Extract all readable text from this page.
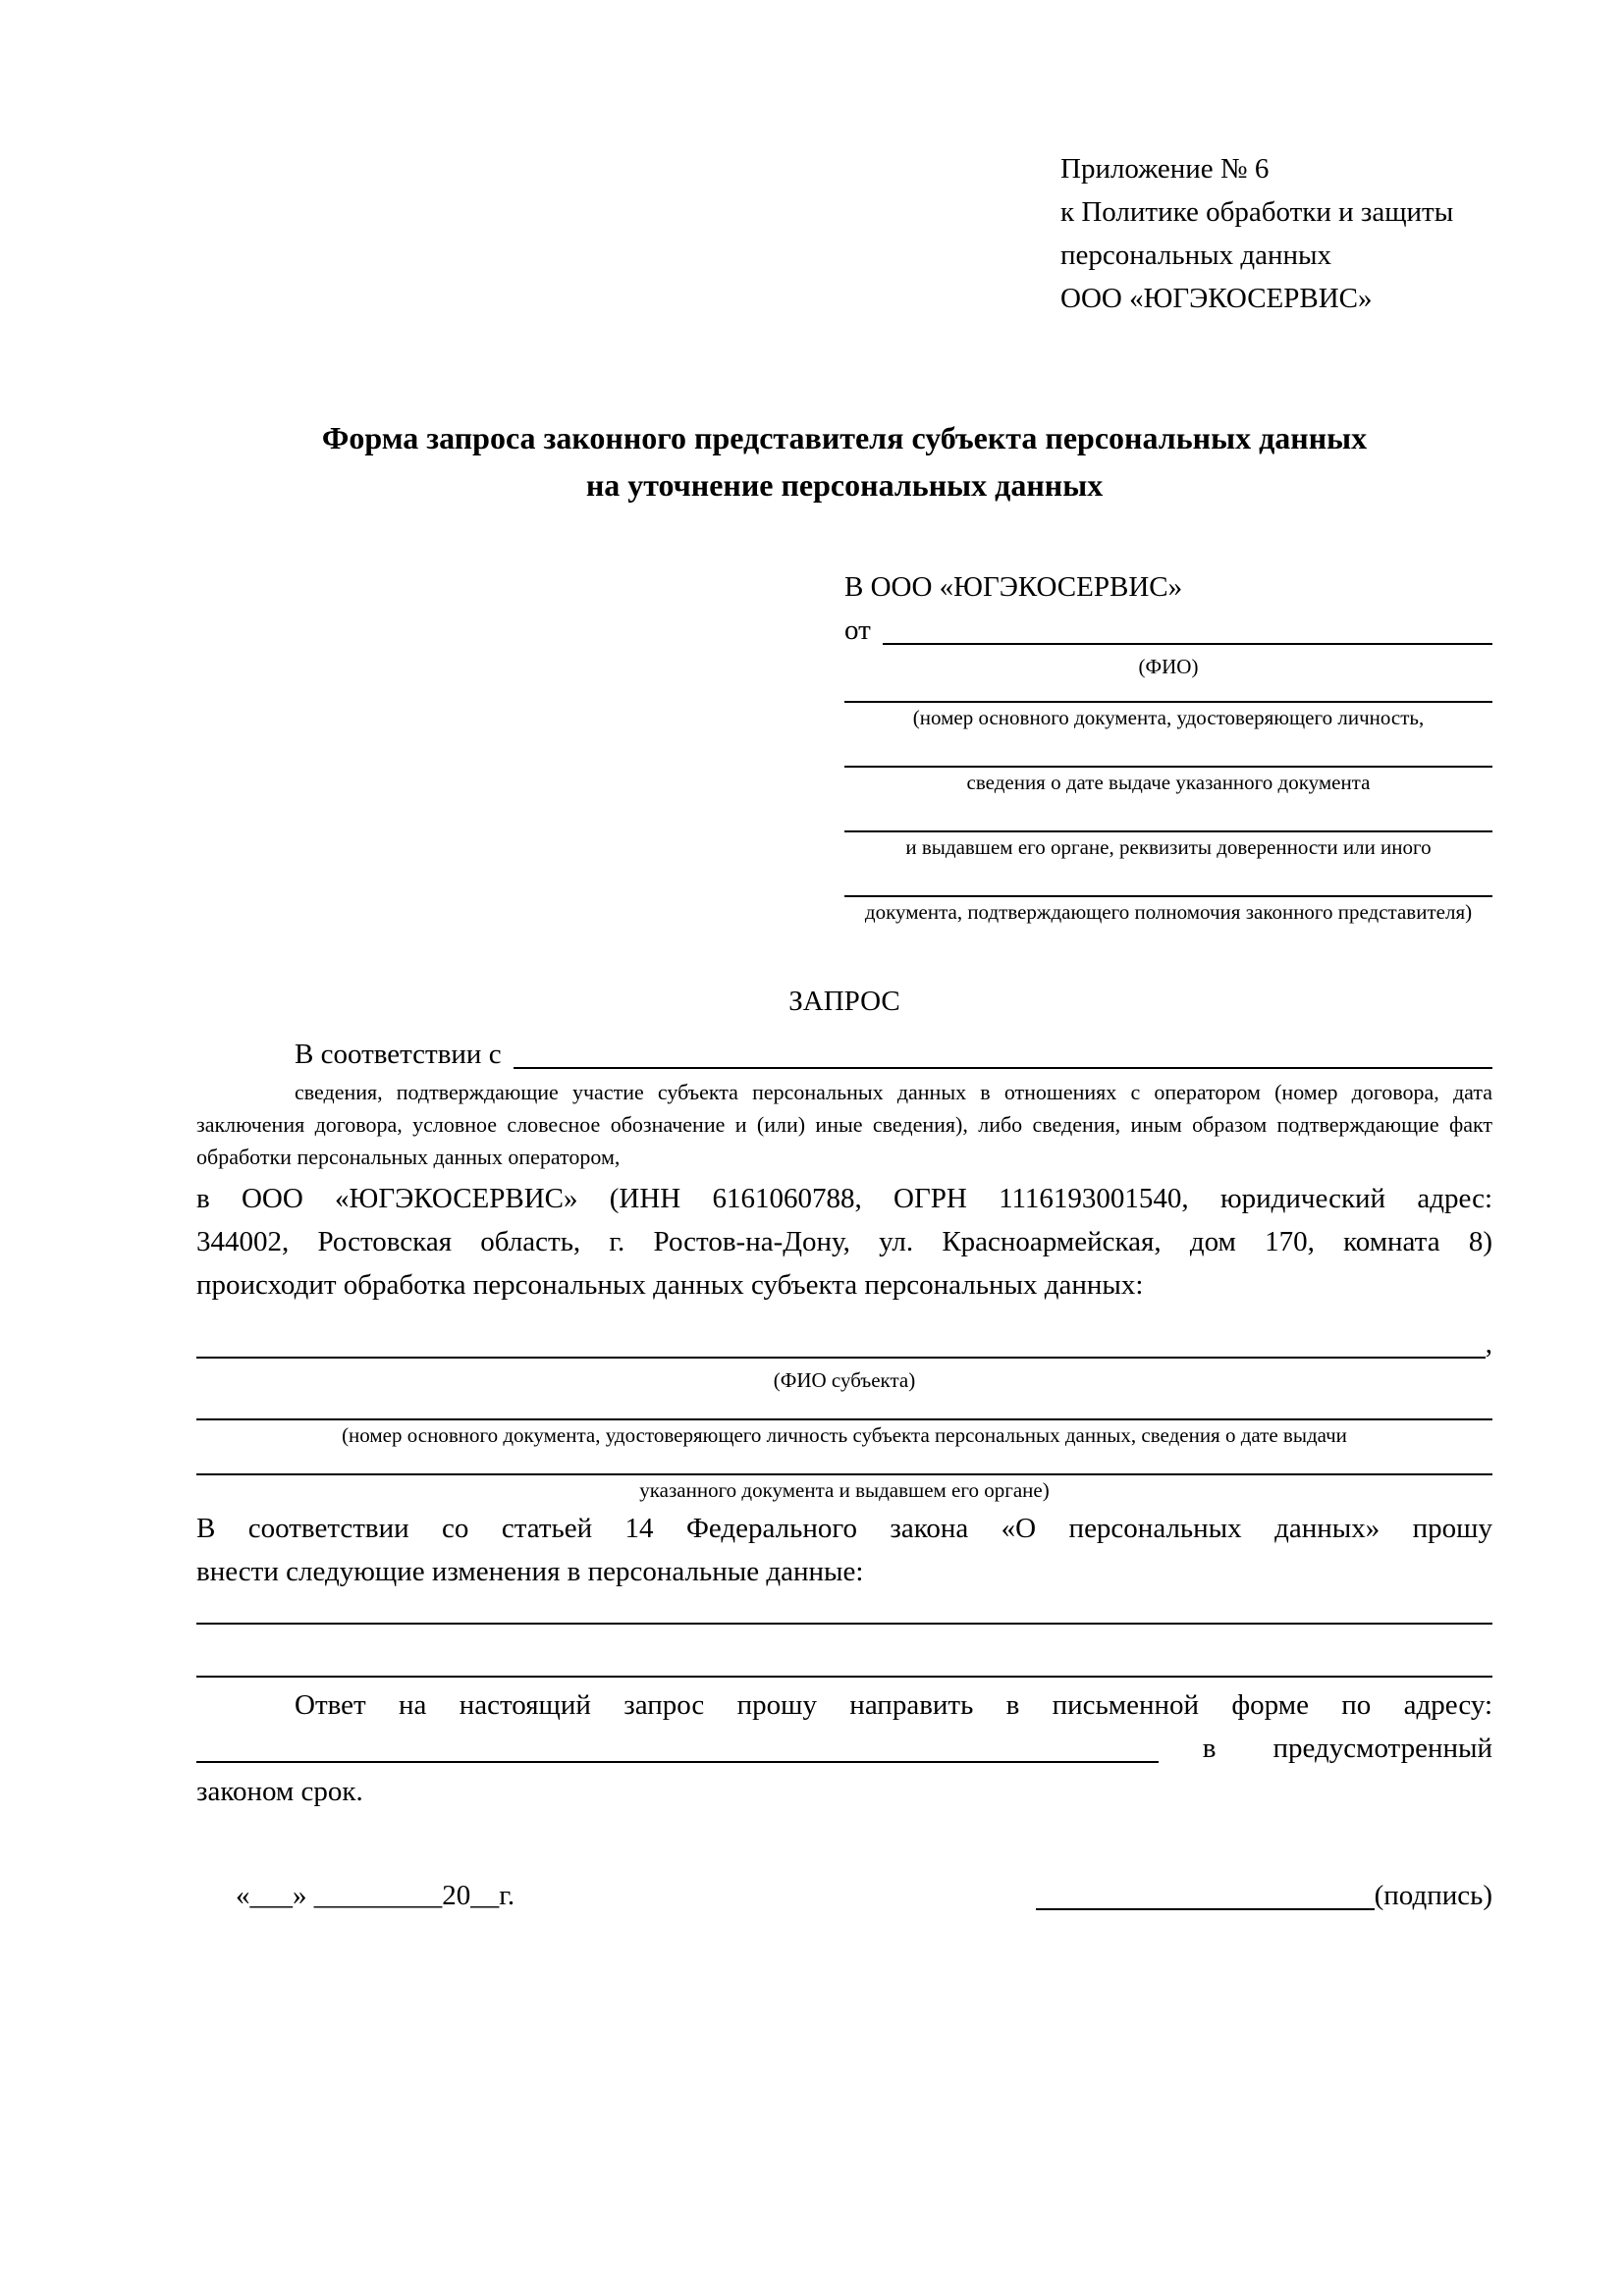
Приложение № 6
к Политике обработки и защиты
персональных данных
ООО «ЮГЭКОСЕРВИС»
Форма запроса законного представителя субъекта персональных данных
на уточнение персональных данных
В ООО «ЮГЭКОСЕРВИС»
от
(ФИО)
(номер основного документа, удостоверяющего личность,
сведения о дате выдаче указанного документа
и выдавшем его органе, реквизиты доверенности или иного
документа, подтверждающего полномочия законного представителя)
ЗАПРОС
В соответствии с

сведения, подтверждающие участие субъекта персональных данных в отношениях с оператором (номер договора, дата заключения договора, условное словесное обозначение и (или) иные сведения), либо сведения, иным образом подтверждающие факт обработки персональных данных оператором,

в ООО «ЮГЭКОСЕРВИС» (ИНН 6161060788, ОГРН 1116193001540, юридический адрес:
344002, Ростовская область, г. Ростов-на-Дону, ул. Красноармейская, дом 170, комната 8)
происходит обработка персональных данных субъекта персональных данных:
,
(ФИО субъекта)
(номер основного документа, удостоверяющего личность субъекта персональных данных, сведения о дате выдачи
указанного документа и выдавшем его органе)
В соответствии со статьей 14 Федерального закона «О персональных данных» прошу
внести следующие изменения в персональные данные:
Ответ на настоящий запрос прошу направить в письменной форме по адресу:
в предусмотренный
законом срок.
«___» _________20__г.	(подпись)
